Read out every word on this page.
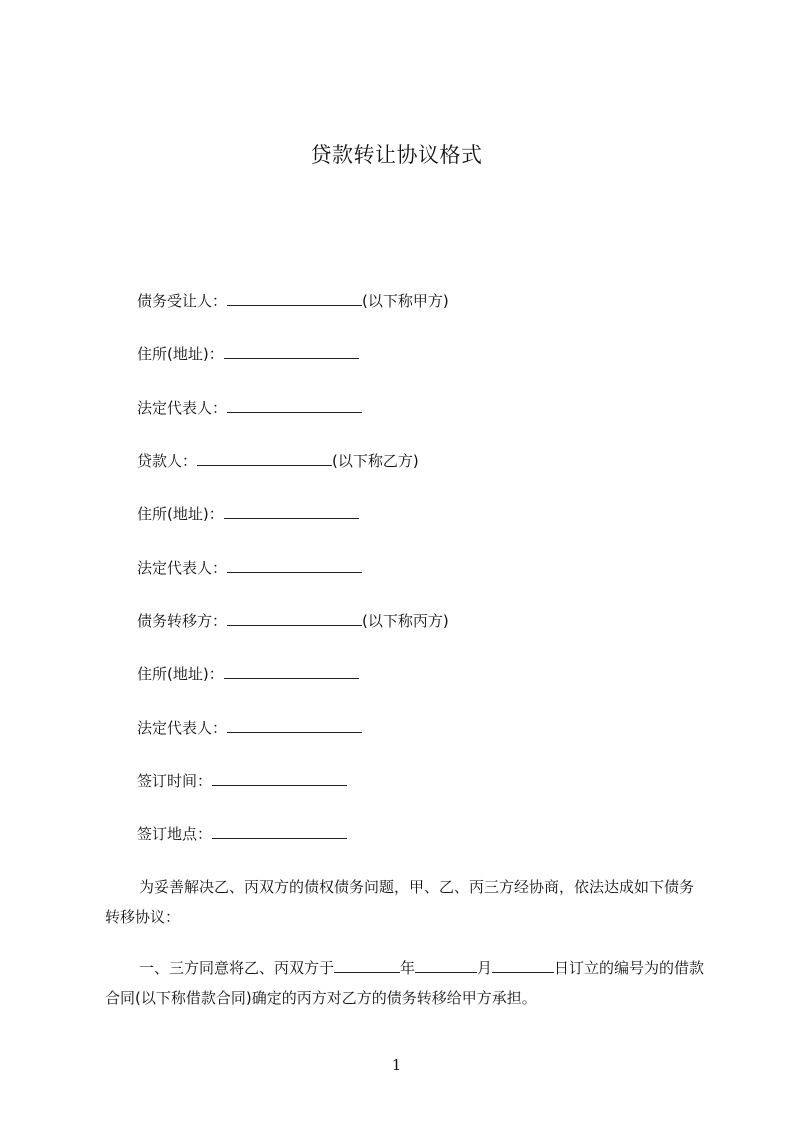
贷款转让协议格式
债务受让人：	(以下称甲方)
住所(地址)：
法定代表人：
贷款人：	(以下称乙方)
住所(地址)：
法定代表人：
债务转移方：	(以下称丙方)
住所(地址)：
法定代表人：
签订时间：
签订地点：
为妥善解决乙、丙双方的债权债务问题，甲、乙、丙三方经协商，依法达成如下债务转移协议：
一、三方同意将乙、丙双方于	年	月	日订立的编号为的借款合同(以下称借款合同)确定的丙方对乙方的债务转移给甲方承担。
1
